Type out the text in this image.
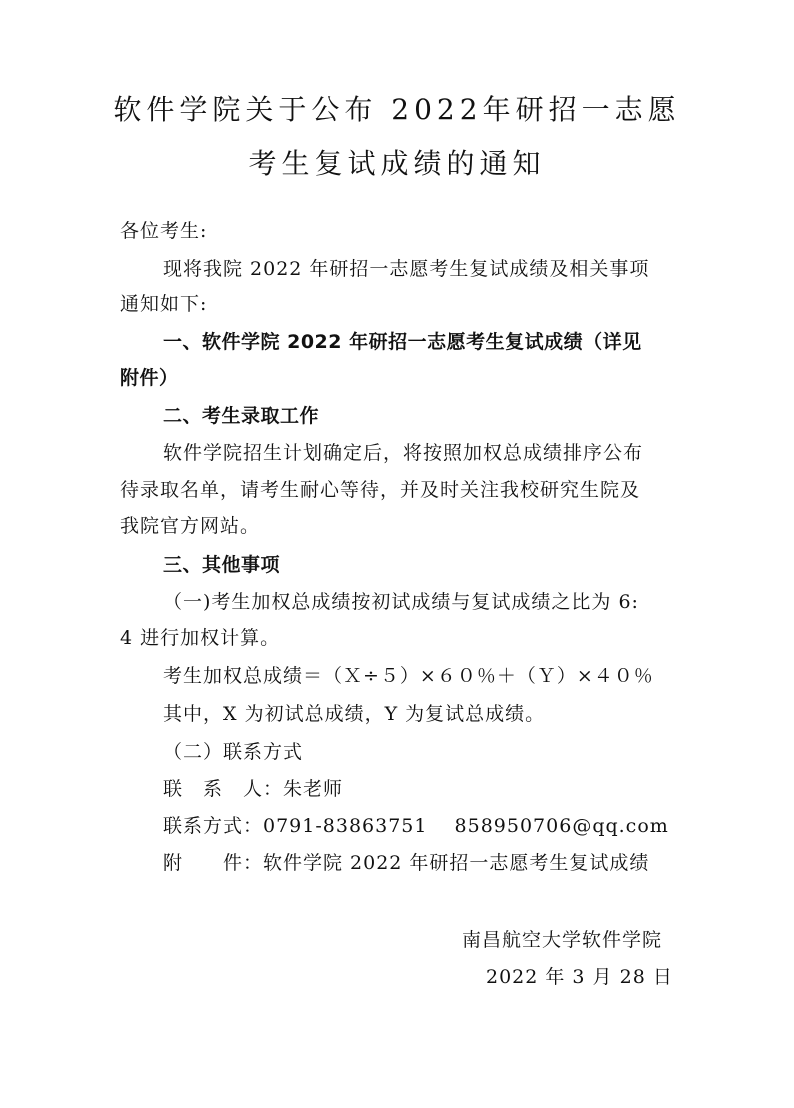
软件学院关于公布 2022年研招一志愿
考生复试成绩的通知
各位考生:
现将我院 2022 年研招一志愿考生复试成绩及相关事项
通知如下:
一、软件学院 2022 年研招一志愿考生复试成绩（详见
附件）
二、考生录取工作
软件学院招生计划确定后，将按照加权总成绩排序公布
待录取名单，请考生耐心等待，并及时关注我校研究生院及
我院官方网站。
三、其他事项
（一)考生加权总成绩按初试成绩与复试成绩之比为 6:
4 进行加权计算。
考生加权总成绩＝（Ｘ÷５）×６０％＋（Ｙ）×４０％
其中，X 为初试总成绩，Y 为复试总成绩。
（二）联系方式
联　系　人：朱老师
联系方式：0791-83863751　 858950706@qq.com
附　　件：软件学院 2022 年研招一志愿考生复试成绩
南昌航空大学软件学院
2022 年 3 月 28 日
